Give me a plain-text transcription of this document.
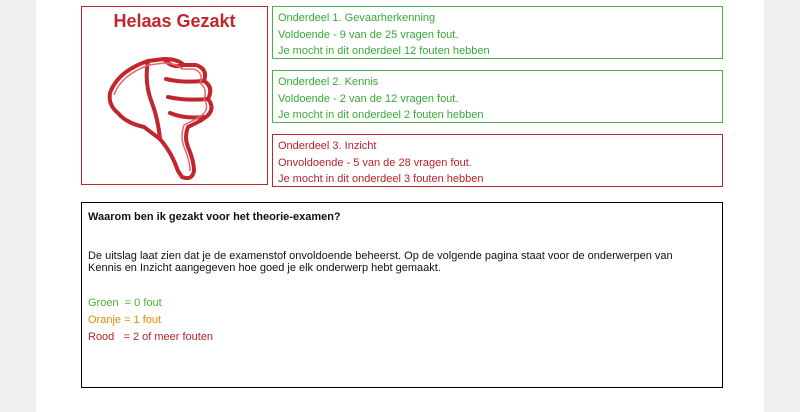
Helaas Gezakt	Onderdeel 1. Gevaarherkenning
Voldoende - 9 van de 25 vragen fout.
Je mocht in dit onderdeel 12 fouten hebben
Onderdeel 2. Kennis
Voldoende - 2 van de 12 vragen fout.
Je mocht in dit onderdeel 2 fouten hebben
Onderdeel 3. Inzicht
Onvoldoende - 5 van de 28 vragen fout.
Je mocht in dit onderdeel 3 fouten hebben
Waarom ben ik gezakt voor het theorie-examen?
De uitslag laat zien dat je de examenstof onvoldoende beheerst. Op de volgende pagina staat voor de onderwerpen van Kennis en Inzicht aangegeven hoe goed je elk onderwerp hebt gemaakt.
Groen  = 0 fout
Oranje = 1 fout
Rood   = 2 of meer fouten
